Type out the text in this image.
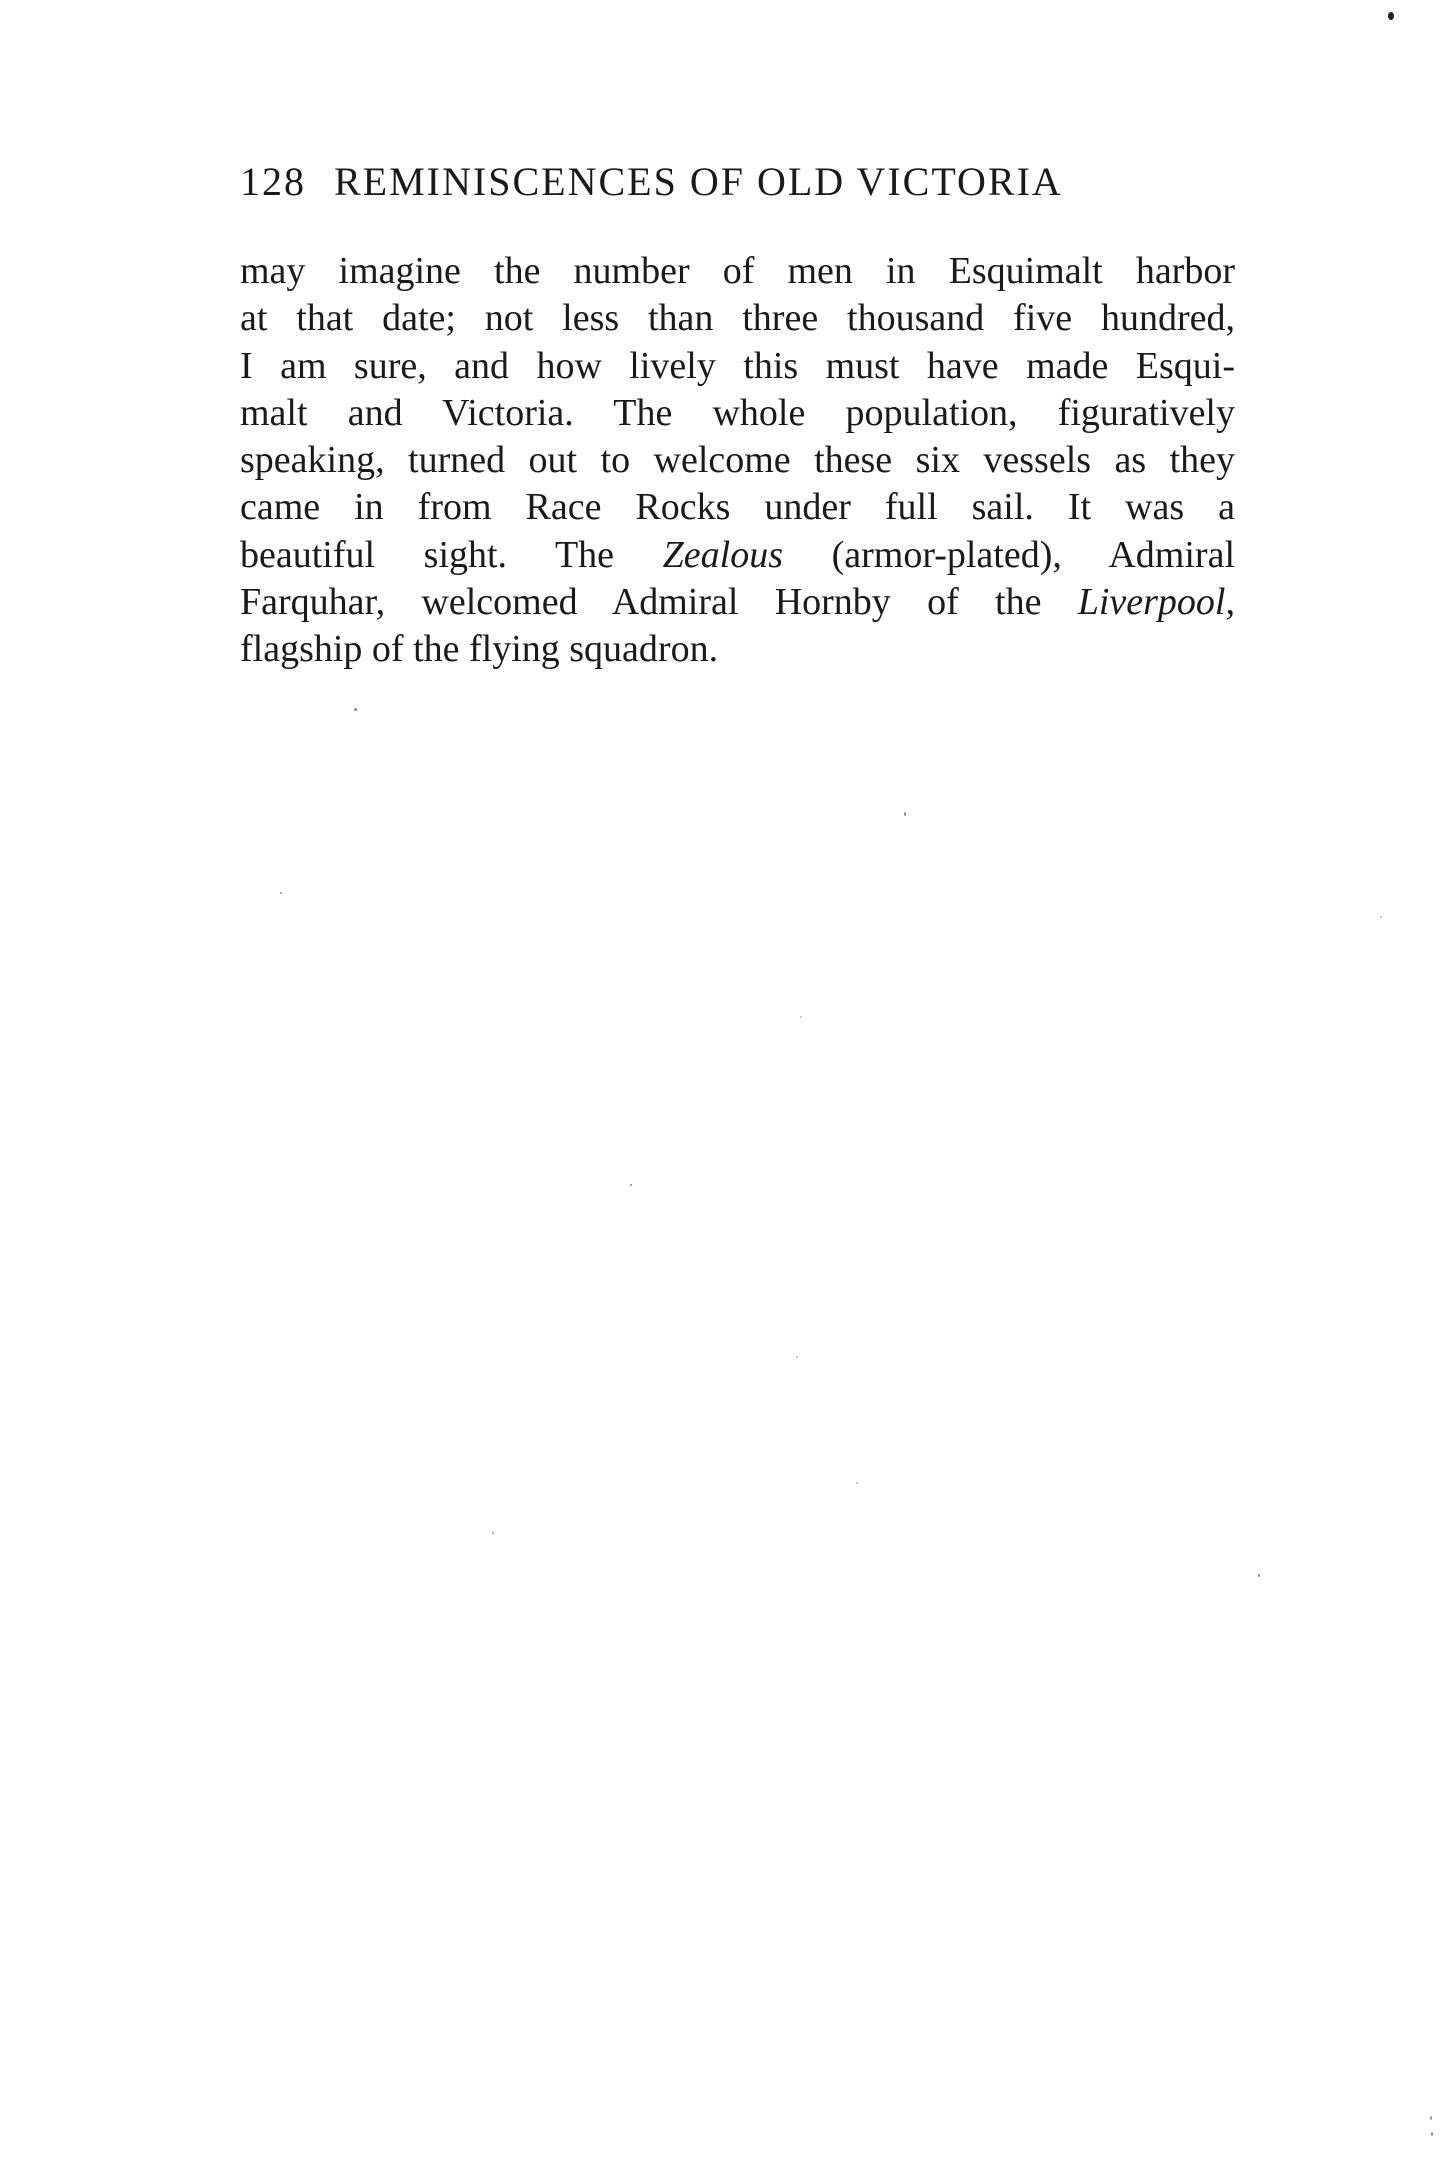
128 REMINISCENCES OF OLD VICTORIA
may imagine the number of men in Esquimalt harbor
at that date; not less than three thousand five hundred,
I am sure, and how lively this must have made Esqui-
malt and Victoria. The whole population, figuratively
speaking, turned out to welcome these six vessels as they
came in from Race Rocks under full sail. It was a
beautiful sight. The Zealous (armor-plated), Admiral
Farquhar, welcomed Admiral Hornby of the Liverpool,
flagship of the flying squadron.
